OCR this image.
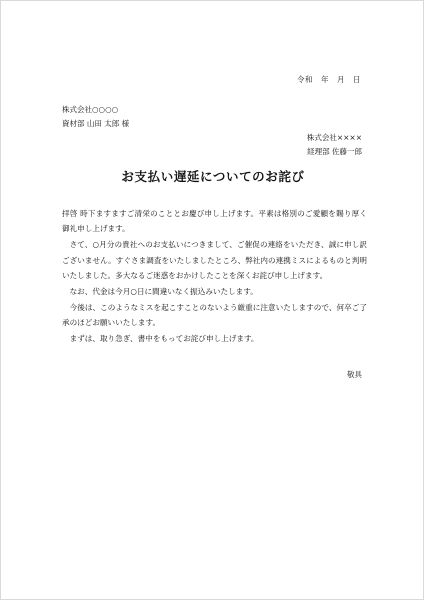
令和　年　月　日
株式会社○○○○
資材部 山田 太郎 様
株式会社××××
経理部 佐藤一郎
お支払い遅延についてのお詫び

拝啓 時下ますますご清栄のこととお慶び申し上げます。平素は格別のご愛顧を賜り厚く御礼申し上げます。

さて、○月分の貴社へのお支払いにつきまして、ご催促の連絡をいただき、誠に申し訳ございません。すぐさま調査をいたしましたところ、弊社内の連携ミスによるものと判明いたしました。多大なるご迷惑をおかけしたことを深くお詫び申し上げます。

なお、代金は今月○日に間違いなく振込みいたします。

今後は、このようなミスを起こすことのないよう厳重に注意いたしますので、何卒ご了承のほどお願いいたします。

まずは、取り急ぎ、書中をもってお詫び申し上げます。

敬具
